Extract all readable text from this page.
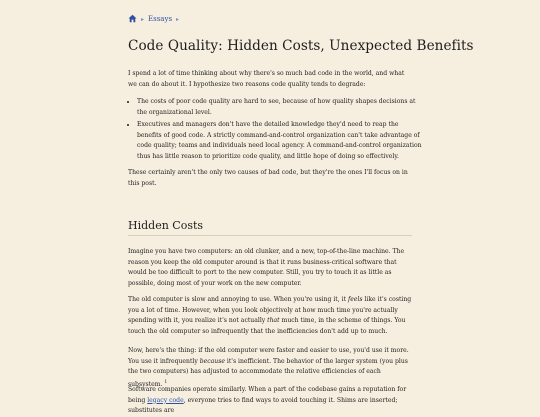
▸ Essays ▸
Code Quality: Hidden Costs, Unexpected Benefits

I spend a lot of time thinking about why there's so much bad code in the world, and what we can do about it. I hypothesize two reasons code quality tends to degrade:

• The costs of poor code quality are hard to see, because of how quality shapes decisions at the organizational level.
• Executives and managers don't have the detailed knowledge they'd need to reap the benefits of good code. A strictly command-and-control organization can't take advantage of code quality; teams and individuals need local agency. A command-and-control organization thus has little reason to prioritize code quality, and little hope of doing so effectively.

These certainly aren't the only two causes of bad code, but they're the ones I'll focus on in this post.

Hidden Costs

Imagine you have two computers: an old clunker, and a new, top-of-the-line machine. The reason you keep the old computer around is that it runs business-critical software that would be too difficult to port to the new computer. Still, you try to touch it as little as possible, doing most of your work on the new computer.

The old computer is slow and annoying to use. When you're using it, it feels like it's costing you a lot of time. However, when you look objectively at how much time you're actually spending with it, you realize it's not actually that much time, in the scheme of things. You touch the old computer so infrequently that the inefficiencies don't add up to much.

Now, here's the thing: if the old computer were faster and easier to use, you'd use it more. You use it infrequently because it's inefficient. The behavior of the larger system (you plus the two computers) has adjusted to accommodate the relative efficiencies of each subsystem. $^1$

Software companies operate similarly. When a part of the codebase gains a reputation for being legacy code, everyone tries to find ways to avoid touching it. Shims are inserted; substitutes are
